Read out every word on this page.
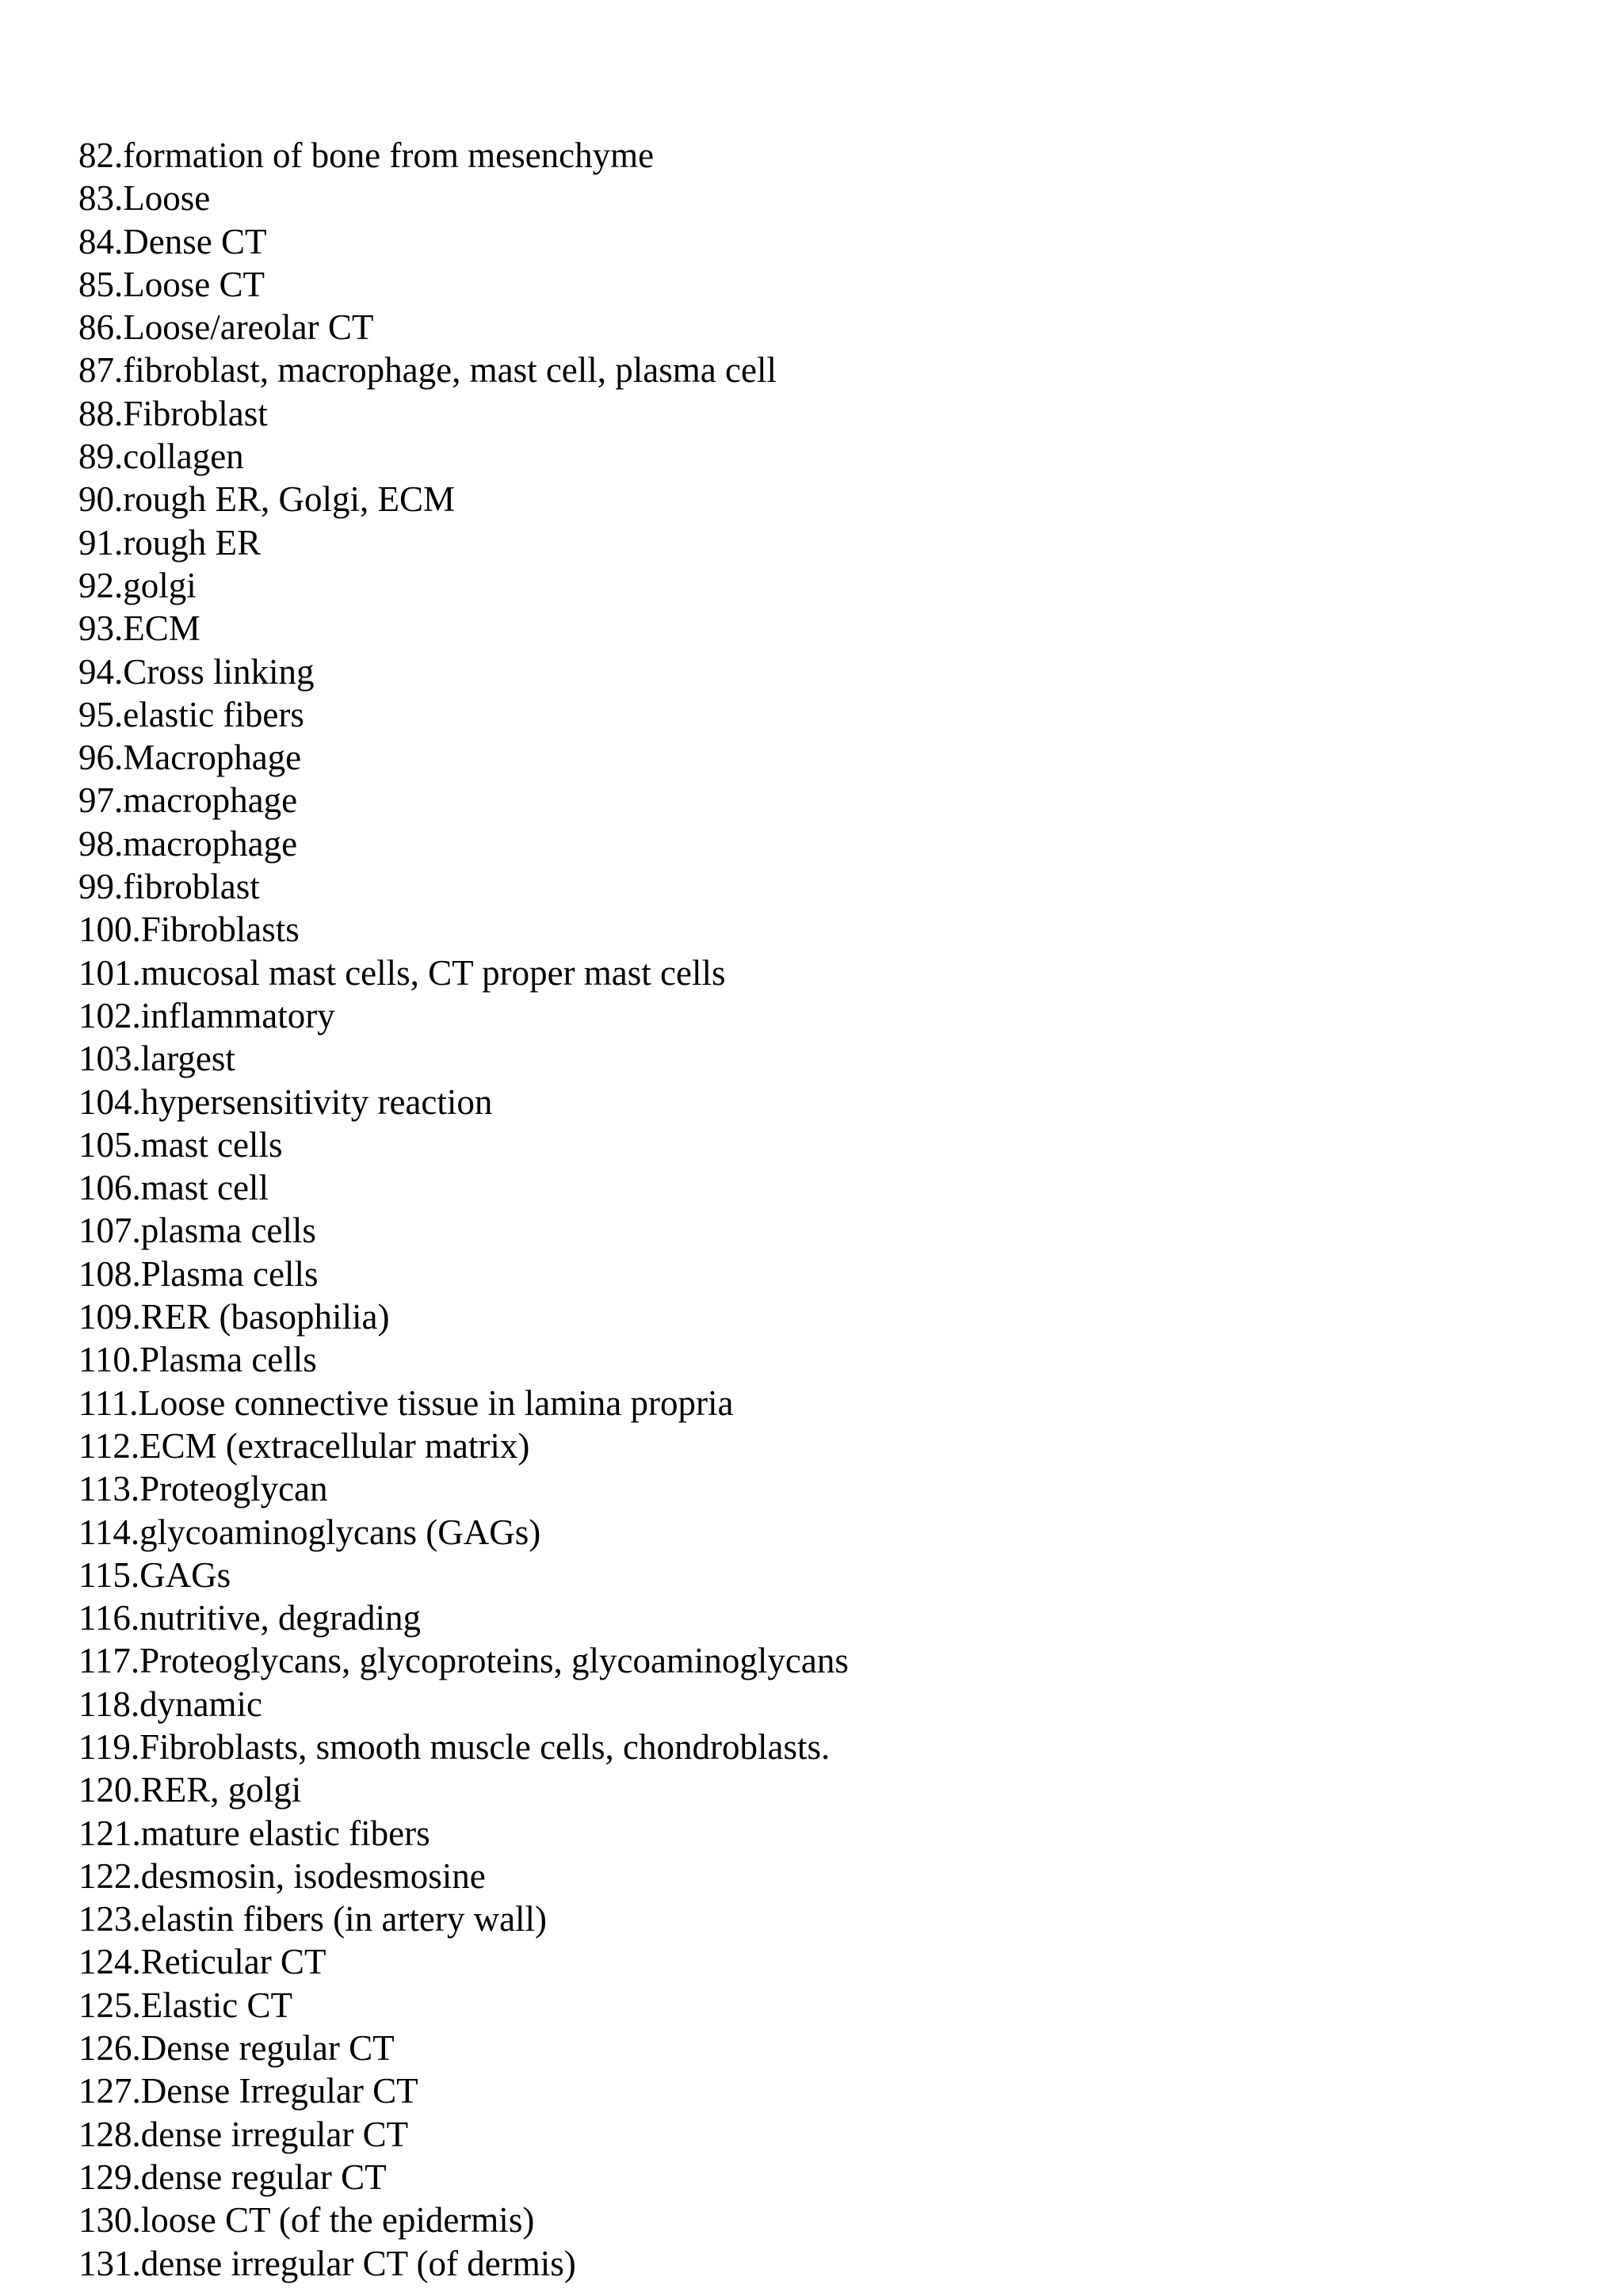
82.formation of bone from mesenchyme
83.Loose
84.Dense CT
85.Loose CT
86.Loose/areolar CT
87.fibroblast, macrophage, mast cell, plasma cell
88.Fibroblast
89.collagen
90.rough ER, Golgi, ECM
91.rough ER
92.golgi
93.ECM
94.Cross linking
95.elastic fibers
96.Macrophage
97.macrophage
98.macrophage
99.fibroblast
100.Fibroblasts
101.mucosal mast cells, CT proper mast cells
102.inflammatory
103.largest
104.hypersensitivity reaction
105.mast cells
106.mast cell
107.plasma cells
108.Plasma cells
109.RER (basophilia)
110.Plasma cells
111.Loose connective tissue in lamina propria
112.ECM (extracellular matrix)
113.Proteoglycan
114.glycoaminoglycans (GAGs)
115.GAGs
116.nutritive, degrading
117.Proteoglycans, glycoproteins, glycoaminoglycans
118.dynamic
119.Fibroblasts, smooth muscle cells, chondroblasts.
120.RER, golgi
121.mature elastic fibers
122.desmosin, isodesmosine
123.elastin fibers (in artery wall)
124.Reticular CT
125.Elastic CT
126.Dense regular CT
127.Dense Irregular CT
128.dense irregular CT
129.dense regular CT
130.loose CT (of the epidermis)
131.dense irregular CT (of dermis)
